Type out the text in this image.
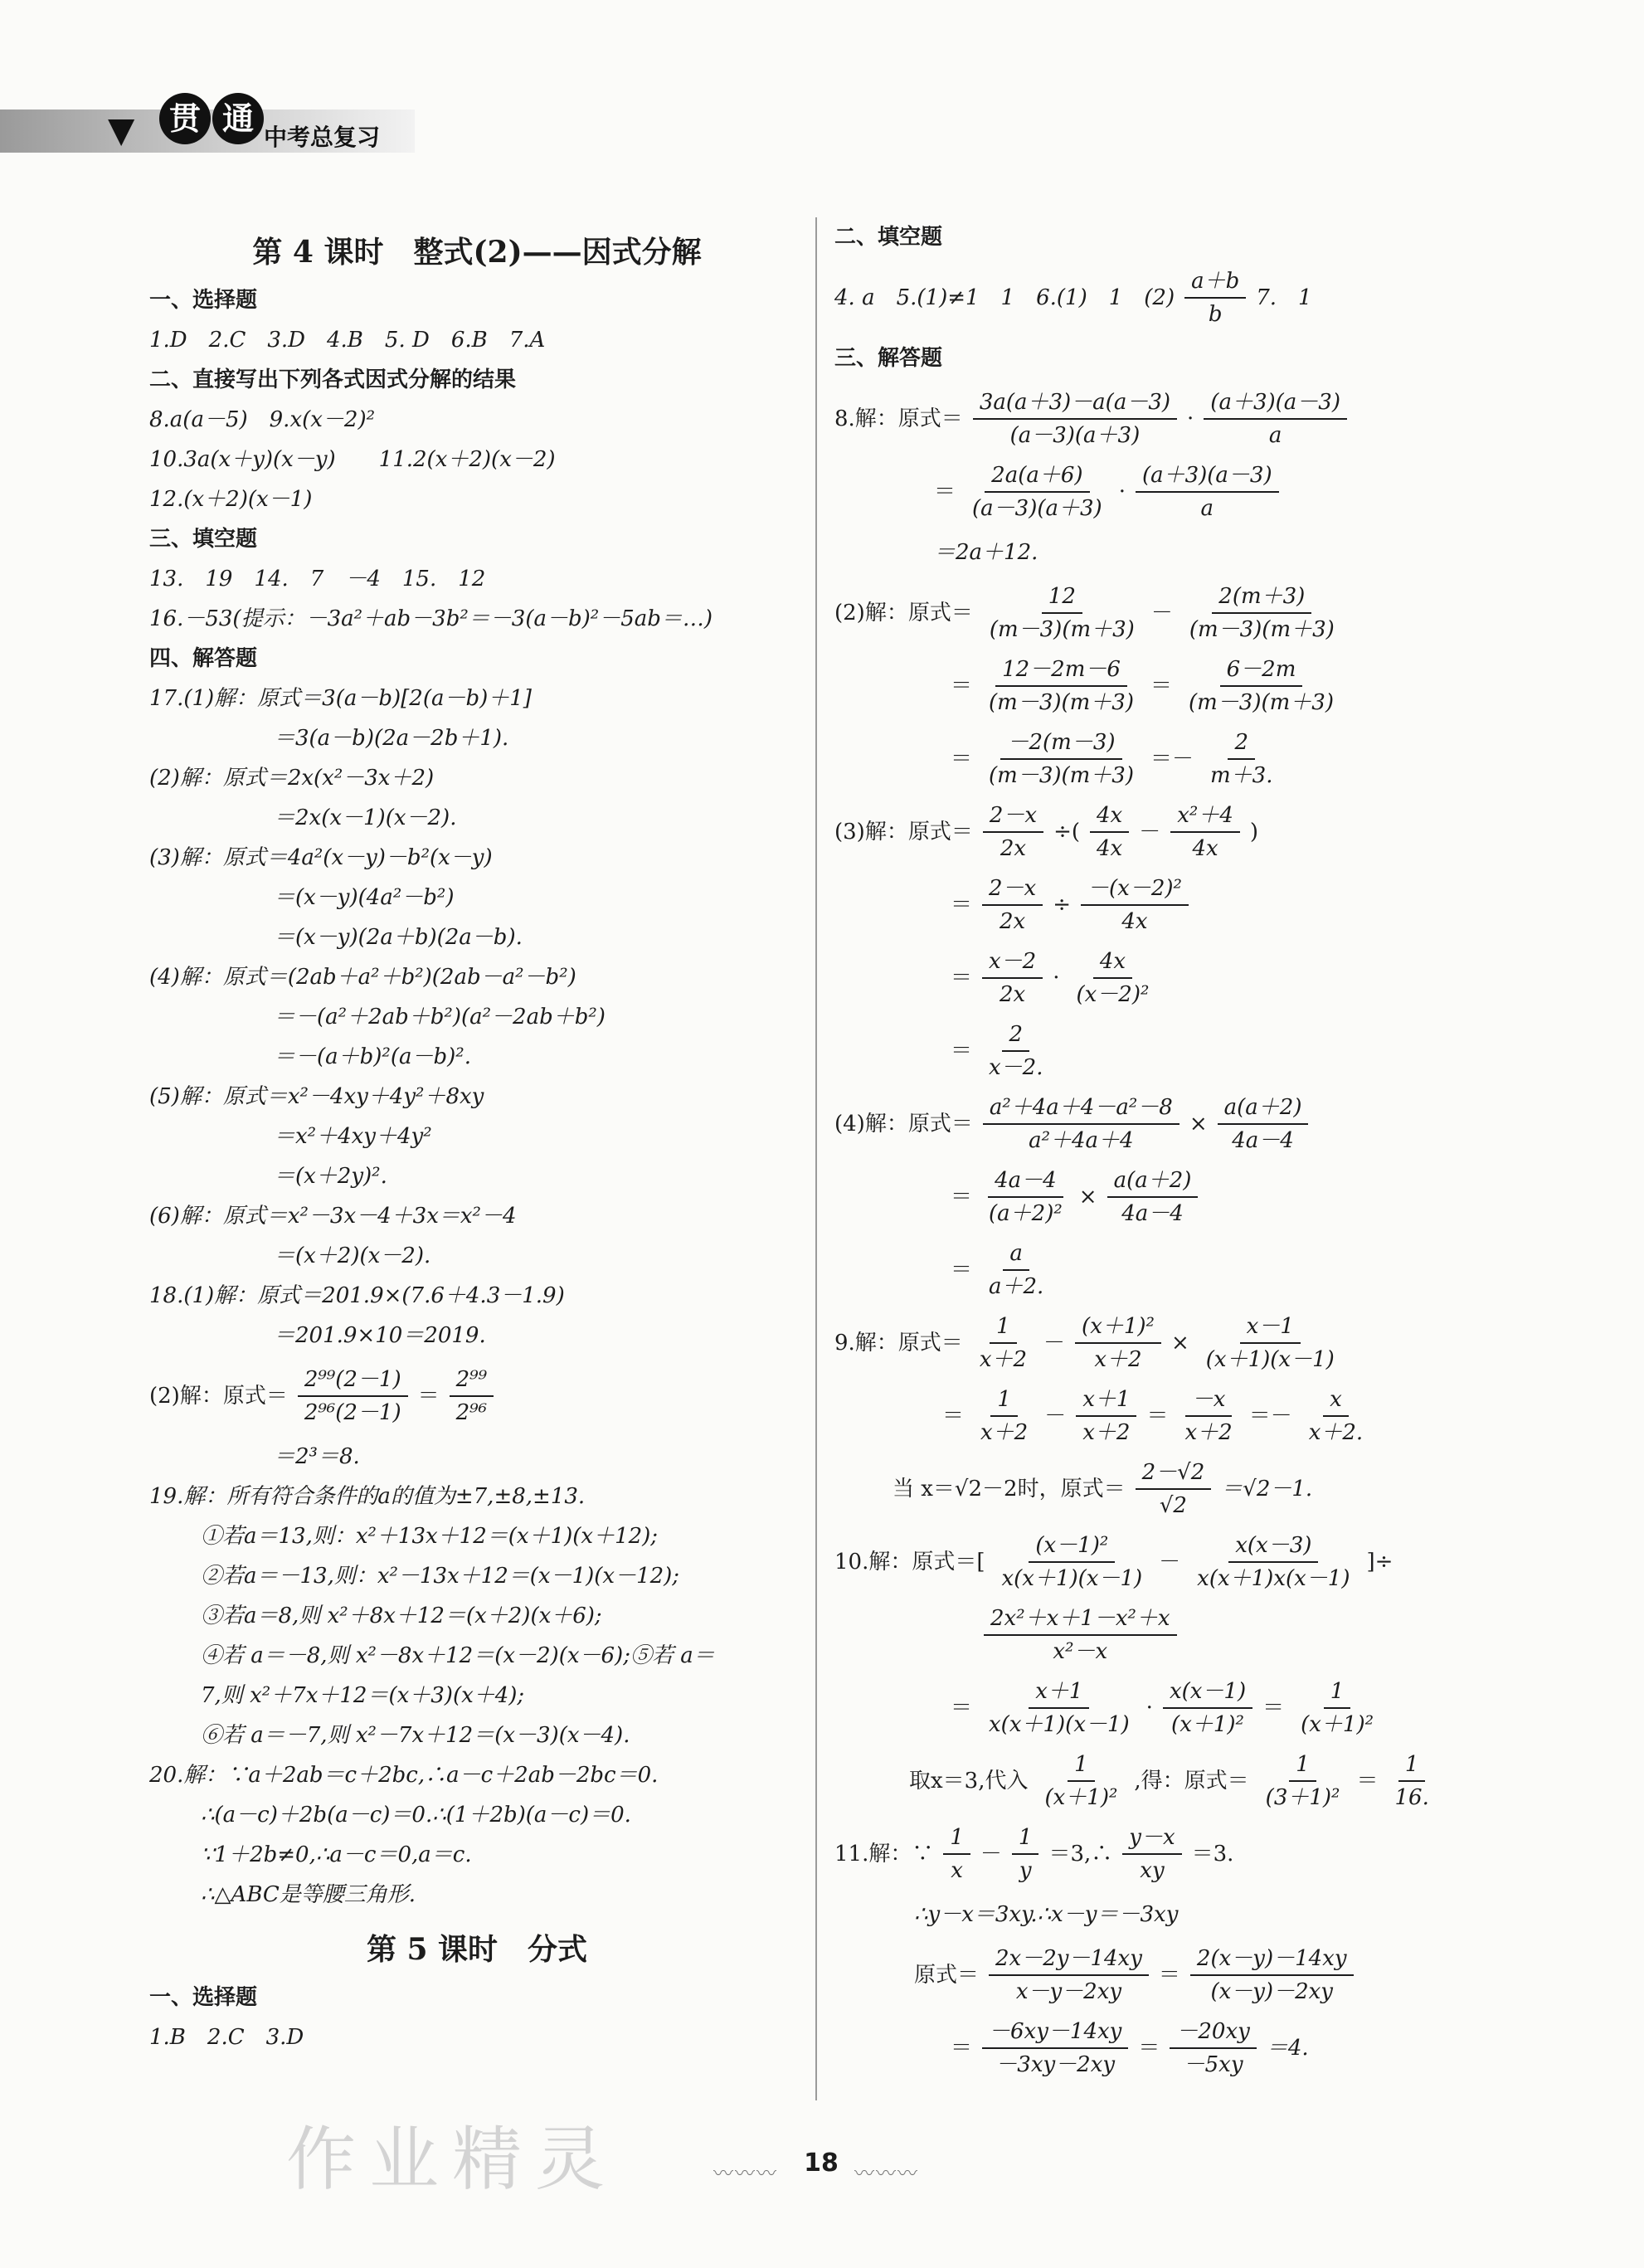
▼	贯 通
中考总复习
第 4 课时　整式(2)——因式分解
一、选择题
1.D　2.C　3.D　4.B　5. D　6.B　7.A
二、直接写出下列各式因式分解的结果
8.a(a－5)　9.x(x－2)²
10.3a(x＋y)(x－y)　　11.2(x＋2)(x－2)
12.(x＋2)(x－1)
三、填空题
13.　19　14.　7　－4　15.　12
16.－53(提示：－3a²＋ab－3b²＝－3(a－b)²－5ab＝…)
四、解答题
17.(1)解：原式＝3(a－b)[2(a－b)＋1]
＝3(a－b)(2a－2b＋1).
(2)解：原式＝2x(x²－3x＋2)
＝2x(x－1)(x－2).
(3)解：原式＝4a²(x－y)－b²(x－y)
＝(x－y)(4a²－b²)
＝(x－y)(2a＋b)(2a－b).
(4)解：原式＝(2ab＋a²＋b²)(2ab－a²－b²)
＝－(a²＋2ab＋b²)(a²－2ab＋b²)
＝－(a＋b)²(a－b)².
(5)解：原式＝x²－4xy＋4y²＋8xy
＝x²＋4xy＋4y²
＝(x＋2y)².
(6)解：原式＝x²－3x－4＋3x＝x²－4
＝(x＋2)(x－2).
18.(1)解：原式＝201.9×(7.6＋4.3－1.9)
＝201.9×10＝2019.
(2)解：原式＝ $\frac{\text{2⁹⁹(2－1)}}{\text{2⁹⁶(2－1)}} = \frac{\text{2⁹⁹}}{\text{2⁹⁶}}$
＝2³＝8.
19.解：所有符合条件的a的值为±7,±8,±13.
①若a＝13,则：x²＋13x＋12＝(x＋1)(x＋12);
②若a＝－13,则：x²－13x＋12＝(x－1)(x－12);
③若a＝8,则 x²＋8x＋12＝(x＋2)(x＋6);
④若 a＝－8,则 x²－8x＋12＝(x－2)(x－6);⑤若 a＝
7,则 x²＋7x＋12＝(x＋3)(x＋4);
⑥若 a＝－7,则 x²－7x＋12＝(x－3)(x－4).
20.解：∵a＋2ab＝c＋2bc,∴a－c＋2ab－2bc＝0.
∴(a－c)＋2b(a－c)＝0.∴(1＋2b)(a－c)＝0.
∵1＋2b≠0,∴a－c＝0,a＝c.
∴△ABC是等腰三角形.
第 5 课时　分式
一、选择题
1.B　2.C　3.D
二、填空题
4. a　5.(1)≠1　1　6.(1)　1　$(2) \frac{a+b}{b} 7$.　1
三、解答题
8.解：原式＝ $\frac{3a(a+3)-a(a-3)}{(a-3)(a+3)} \cdot \frac{(a+3)(a-3)}{a}$
＝ $\frac{2a(a+6)}{(a-3)(a+3)} \cdot \frac{(a+3)(a-3)}{a}$
＝2a＋12.
(2)解：原式＝ $\frac{12}{(m-3)(m+3)} - \frac{2(m+3)}{(m-3)(m+3)}$
＝ $\frac{12-2m-6}{(m-3)(m+3)} = \frac{6-2m}{(m-3)(m+3)}$
＝ $\frac{-2(m-3)}{(m-3)(m+3)} =- \frac{2}{m+3.}$
(3)解：原式＝ $\frac{2-x}{2x}$ ÷( $\frac{4x}{4x} - \frac{\text{x²＋4}}{4x}$ )
＝ $\frac{2-x}{2x} \div \frac{\text{－(x－2)²}}{4x}$
＝ $\frac{x-2}{2x} \cdot \frac{4x}{\text{(x－2)²}}$
＝ $\frac{2}{x-2.}$
(4)解：原式＝ $\frac{\text{a²＋4a＋4－a²－8}}{\text{a²＋4a＋4}} \times \frac{a(a+2)}{4a-4}$
＝ $\frac{4a-4}{\text{(a＋2)²}} \times \frac{a(a+2)}{4a-4}$
＝ $\frac{a}{a+2.}$
9.解：原式＝ $\frac{1}{x+2} - \frac{\text{(x＋1)²}}{x+2} \times \frac{x-1}{(x+1)(x-1)}$
＝ $\frac{1}{x+2} - \frac{x+1}{x+2} = \frac{-x}{x+2} =- \frac{x}{x+2.}$
当 x＝√2－2时，原式＝ $\frac{2-√2}{√2} =√2-1$.
10.解：原式＝[ $\frac{\text{(x－1)²}}{x(x+1)(x-1)} - \frac{x(x-3)}{x(x+1)x(x-1)}$ ]÷
$\frac{\text{2x²＋x＋1－x²＋x}}{\text{x²－x}}$
＝ $\frac{x+1}{x(x+1)(x-1)} \cdot \frac{x(x-1)}{\text{(x＋1)²}} = \frac{1}{\text{(x＋1)²}}$
取x＝3,代入 $\frac{1}{\text{(x＋1)²}}$ ,得：原式＝ $\frac{1}{\text{(3＋1)²}} = \frac{1}{16.}$
11.解：∵ $\frac{1}{x} - \frac{1}{y}$ ＝3,∴ $\frac{y-x}{xy} =3$.
∴y－x＝3xy.∴x－y＝－3xy
原式＝ $\frac{2x-2y-14xy}{x-y-2xy} = \frac{2(x-y)-14xy}{(x-y)-2xy}$
＝ $\frac{-6xy-14xy}{-3xy-2xy} = \frac{-20xy}{-5xy} =4$.
作业精灵	〰〰〰	18 〰〰〰
